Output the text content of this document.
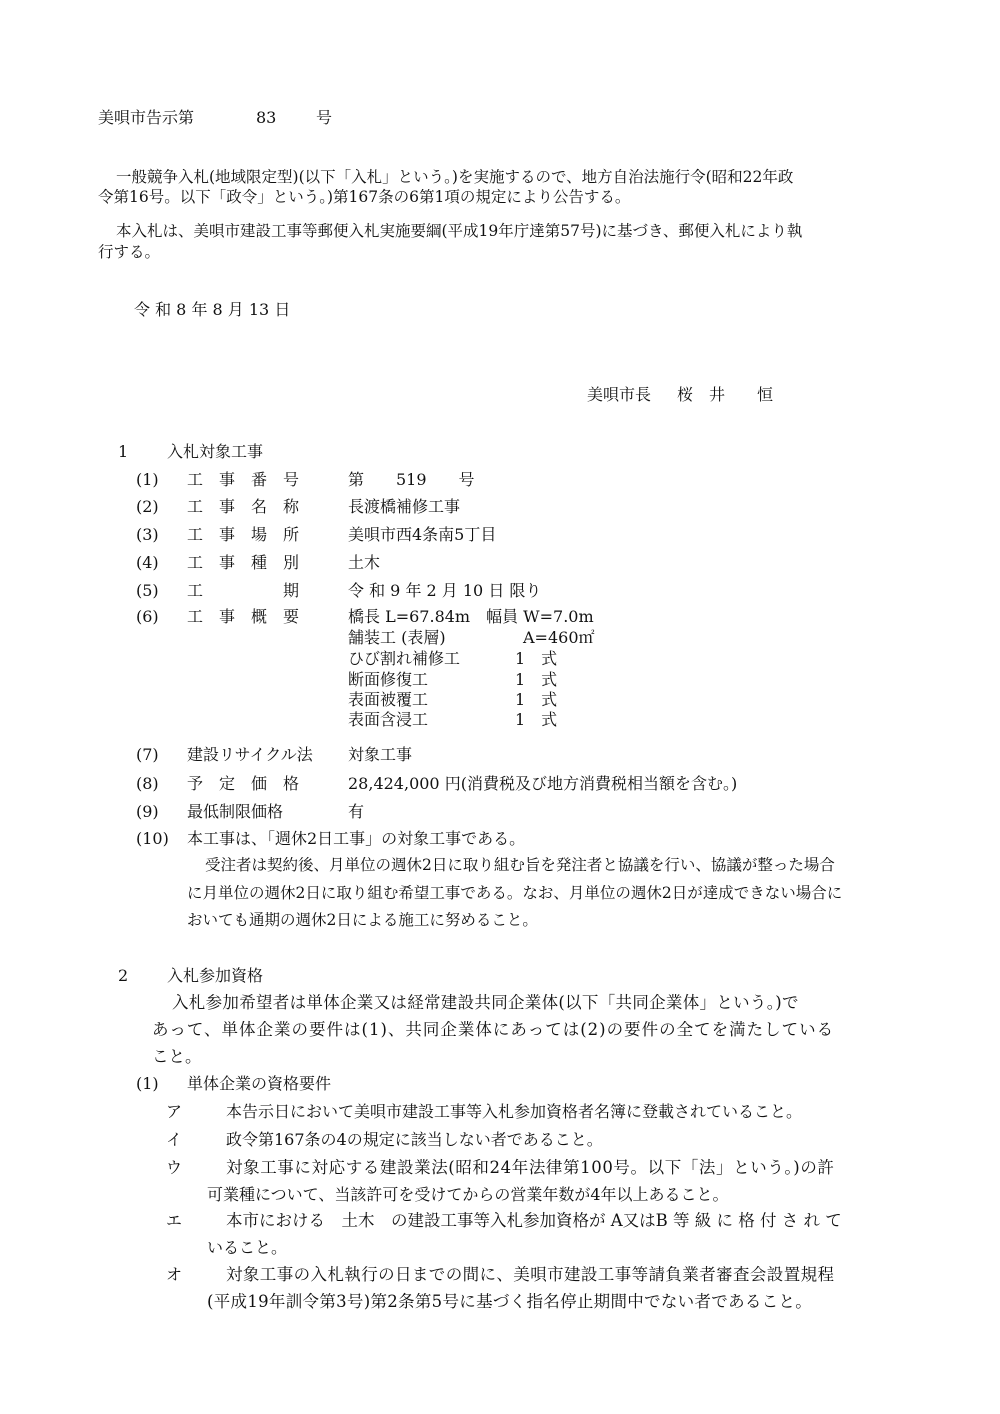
美唄市告示第	83 号
一般競争入札(地域限定型)(以下「入札」という。)を実施するので、地方自治法施行令(昭和22年政
令第16号。以下「政令」という。)第167条の6第1項の規定により公告する。
本入札は、美唄市建設工事等郵便入札実施要綱(平成19年庁達第57号)に基づき、郵便入札により執
行する。
令 和 8 年 8 月 13 日
美唄市長 桜　井　　恒
1 入札対象工事
(1) 工　事　番　号	第　　519　　号
(2) 工　事　名　称	長渡橋補修工事
(3) 工　事　場　所	美唄市西4条南5丁目
(4) 工　事　種　別	土木
(5) 工　　　　　期	令 和 9 年 2 月 10 日 限り
(6) 工　事　概　要	橋長 L=67.84m　幅員 W=7.0m
舗装工 (表層)	A=460㎡
ひび割れ補修工	1　式
断面修復工	1　式
表面被覆工	1　式
表面含浸工	1　式
(7) 建設リサイクル法 対象工事
(8) 予　定　価　格	28,424,000 円(消費税及び地方消費税相当額を含む。)
(9) 最低制限価格	有
(10) 本工事は、「週休2日工事」の対象工事である。
受注者は契約後、月単位の週休2日に取り組む旨を発注者と協議を行い、協議が整った場合
に月単位の週休2日に取り組む希望工事である。なお、月単位の週休2日が達成できない場合に
おいても通期の週休2日による施工に努めること。
2 入札参加資格
入札参加希望者は単体企業又は経常建設共同企業体(以下「共同企業体」という。)で
あって、単体企業の要件は(1)、共同企業体にあっては(2)の要件の全てを満たしている
こと。
(1) 単体企業の資格要件
ア	本告示日において美唄市建設工事等入札参加資格者名簿に登載されていること。
イ	政令第167条の4の規定に該当しない者であること。
ウ	対象工事に対応する建設業法(昭和24年法律第100号。以下「法」という。)の許
可業種について、当該許可を受けてからの営業年数が4年以上あること。
エ	本市における　土木　の建設工事等入札参加資格が A又はB 等 級 に 格 付 さ れ て
いること。
オ	対象工事の入札執行の日までの間に、美唄市建設工事等請負業者審査会設置規程
(平成19年訓令第3号)第2条第5号に基づく指名停止期間中でない者であること。
